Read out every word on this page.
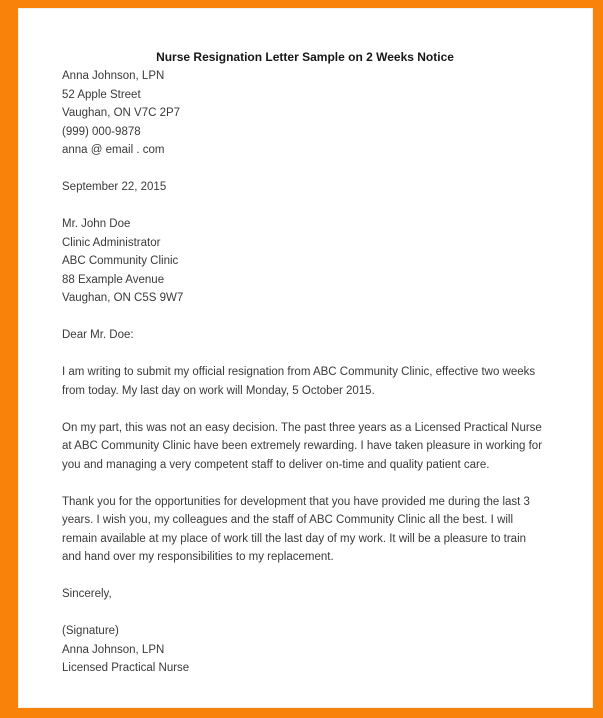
Nurse Resignation Letter Sample on 2 Weeks Notice
Anna Johnson, LPN
52 Apple Street
Vaughan, ON V7C 2P7
(999) 000-9878
anna @ email . com
September 22, 2015
Mr. John Doe
Clinic Administrator
ABC Community Clinic
88 Example Avenue
Vaughan, ON C5S 9W7
Dear Mr. Doe:

I am writing to submit my official resignation from ABC Community Clinic, effective two weeks from today. My last day on work will Monday, 5 October 2015.

On my part, this was not an easy decision. The past three years as a Licensed Practical Nurse at ABC Community Clinic have been extremely rewarding. I have taken pleasure in working for you and managing a very competent staff to deliver on-time and quality patient care.

Thank you for the opportunities for development that you have provided me during the last 3 years. I wish you, my colleagues and the staff of ABC Community Clinic all the best. I will remain available at my place of work till the last day of my work. It will be a pleasure to train and hand over my responsibilities to my replacement.

Sincerely,
(Signature)
Anna Johnson, LPN
Licensed Practical Nurse
